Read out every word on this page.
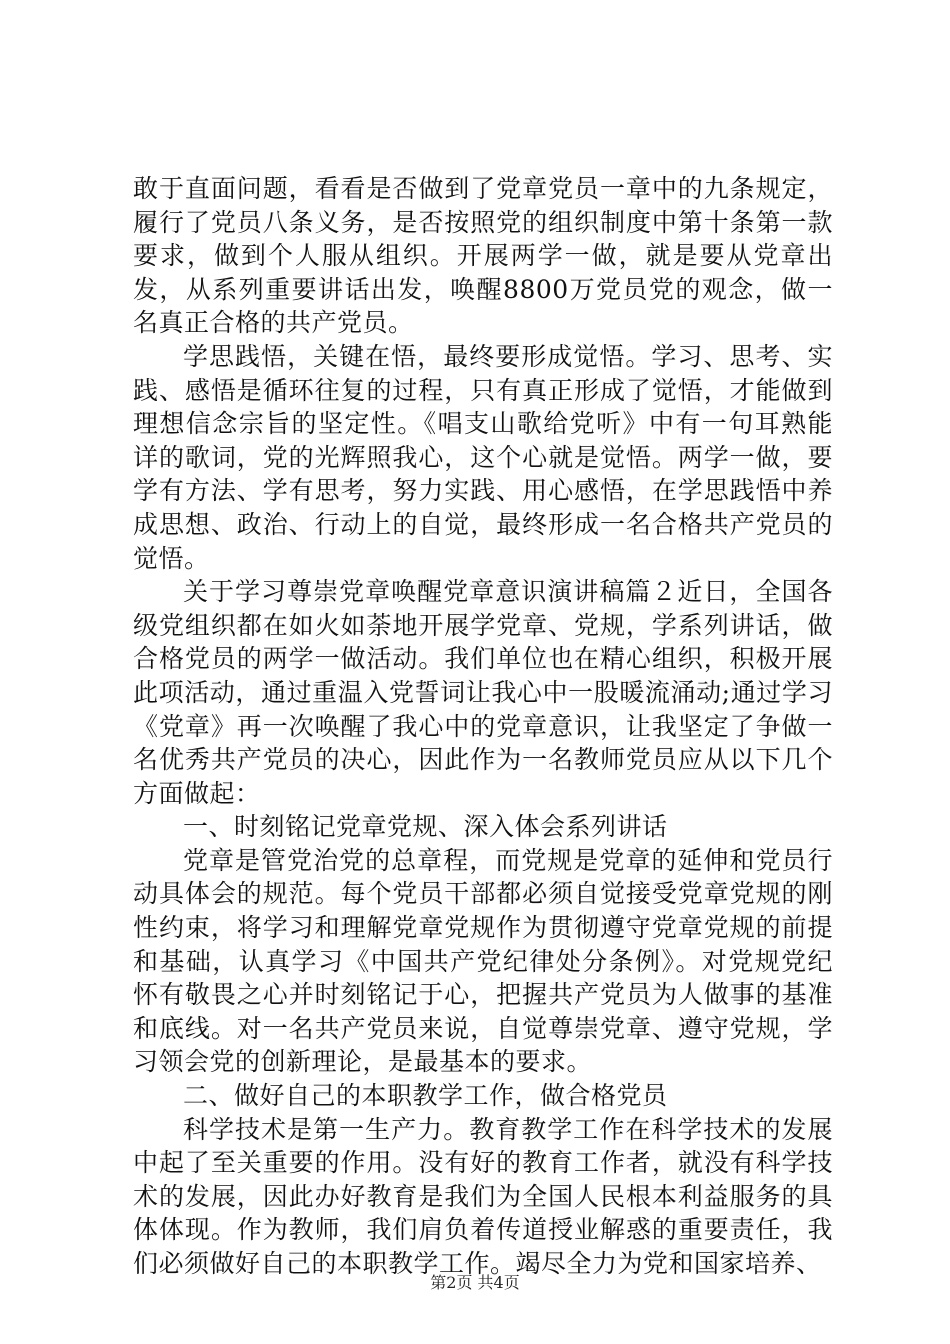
敢于直面问题，看看是否做到了党章党员一章中的九条规定，履行了党员八条义务，是否按照党的组织制度中第十条第一款要求，做到个人服从组织。开展两学一做，就是要从党章出发，从系列重要讲话出发，唤醒8800万党员党的观念，做一名真正合格的共产党员。

学思践悟，关键在悟，最终要形成觉悟。学习、思考、实践、感悟是循环往复的过程，只有真正形成了觉悟，才能做到理想信念宗旨的坚定性。《唱支山歌给党听》中有一句耳熟能详的歌词，党的光辉照我心，这个心就是觉悟。两学一做，要学有方法、学有思考，努力实践、用心感悟，在学思践悟中养成思想、政治、行动上的自觉，最终形成一名合格共产党员的觉悟。

关于学习尊崇党章唤醒党章意识演讲稿篇２近日，全国各级党组织都在如火如荼地开展学党章、党规，学系列讲话，做合格党员的两学一做活动。我们单位也在精心组织，积极开展此项活动，通过重温入党誓词让我心中一股暖流涌动;通过学习《党章》再一次唤醒了我心中的党章意识，让我坚定了争做一名优秀共产党员的决心，因此作为一名教师党员应从以下几个方面做起：

一、时刻铭记党章党规、深入体会系列讲话

党章是管党治党的总章程，而党规是党章的延伸和党员行动具体会的规范。每个党员干部都必须自觉接受党章党规的刚性约束，将学习和理解党章党规作为贯彻遵守党章党规的前提和基础，认真学习《中国共产党纪律处分条例》。对党规党纪怀有敬畏之心并时刻铭记于心，把握共产党员为人做事的基准和底线。对一名共产党员来说，自觉尊崇党章、遵守党规，学习领会党的创新理论，是最基本的要求。

二、做好自己的本职教学工作，做合格党员

科学技术是第一生产力。教育教学工作在科学技术的发展中起了至关重要的作用。没有好的教育工作者，就没有科学技术的发展，因此办好教育是我们为全国人民根本利益服务的具体体现。作为教师，我们肩负着传道授业解惑的重要责任，我们必须做好自己的本职教学工作。竭尽全力为党和国家培养、

第2页 共4页
